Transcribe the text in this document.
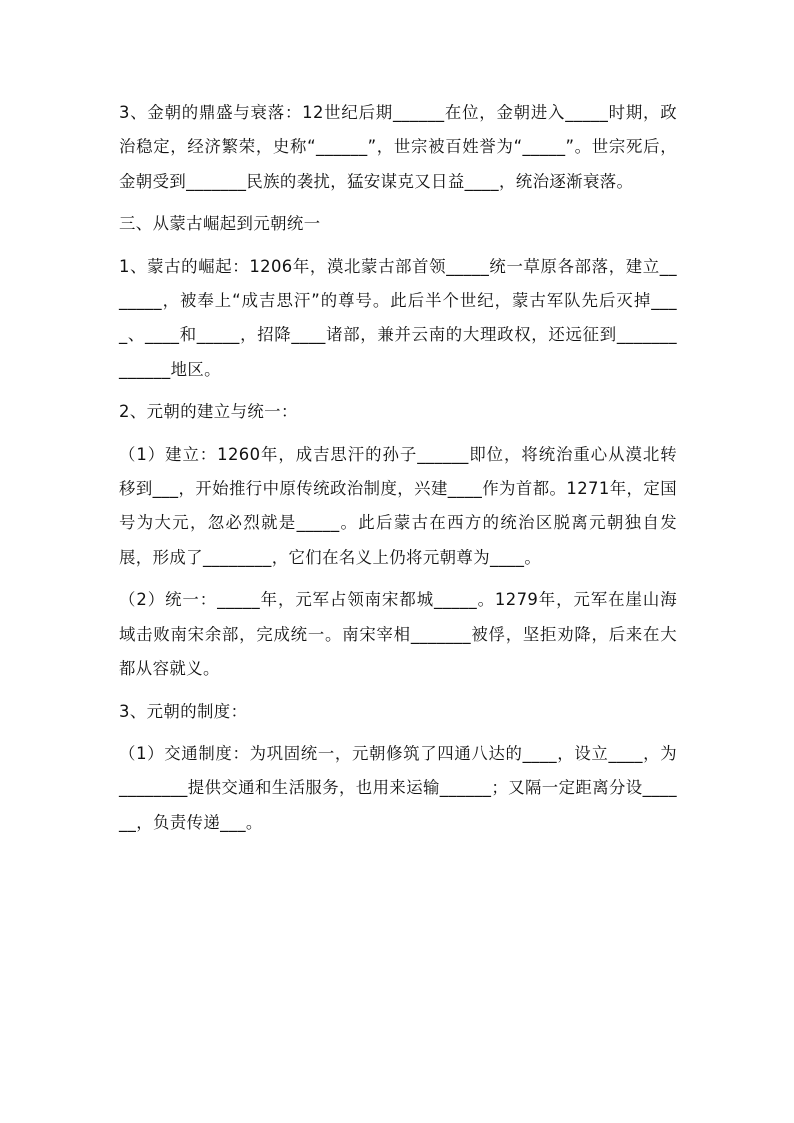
3、金朝的鼎盛与衰落：12世纪后期______在位，金朝进入_____时期，政治稳定，经济繁荣，史称“______”，世宗被百姓誉为“_____”。世宗死后，金朝受到_______民族的袭扰，猛安谋克又日益____，统治逐渐衰落。

三、从蒙古崛起到元朝统一

1、蒙古的崛起：1206年，漠北蒙古部首领_____统一草原各部落，建立_______，被奉上“成吉思汗”的尊号。此后半个世纪，蒙古军队先后灭掉____、____和_____，招降____诸部，兼并云南的大理政权，还远征到_____________地区。

2、元朝的建立与统一：

（1）建立：1260年，成吉思汗的孙子______即位，将统治重心从漠北转移到___，开始推行中原传统政治制度，兴建____作为首都。1271年，定国号为大元，忽必烈就是_____。此后蒙古在西方的统治区脱离元朝独自发展，形成了________，它们在名义上仍将元朝尊为____。

（2）统一：_____年，元军占领南宋都城_____。1279年，元军在崖山海域击败南宋余部，完成统一。南宋宰相_______被俘，坚拒劝降，后来在大都从容就义。

3、元朝的制度：

（1）交通制度：为巩固统一，元朝修筑了四通八达的____，设立____，为________提供交通和生活服务，也用来运输______；又隔一定距离分设______，负责传递___。
